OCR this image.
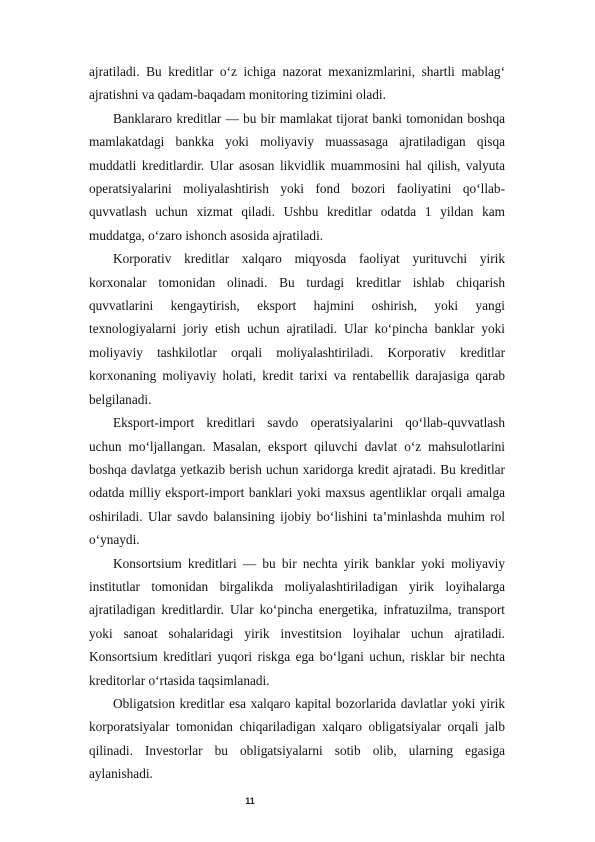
ajratiladi. Bu kreditlar o‘z ichiga nazorat mexanizmlarini, shartli mablag‘ ajratishni va qadam-baqadam monitoring tizimini oladi.

Banklararo kreditlar — bu bir mamlakat tijorat banki tomonidan boshqa mamlakatdagi bankka yoki moliyaviy muassasaga ajratiladigan qisqa muddatli kreditlardir. Ular asosan likvidlik muammosini hal qilish, valyuta operatsiyalarini moliyalashtirish yoki fond bozori faoliyatini qo‘llab-quvvatlash uchun xizmat qiladi. Ushbu kreditlar odatda 1 yildan kam muddatga, o‘zaro ishonch asosida ajratiladi.

Korporativ kreditlar xalqaro miqyosda faoliyat yurituvchi yirik korxonalar tomonidan olinadi. Bu turdagi kreditlar ishlab chiqarish quvvatlarini kengaytirish, eksport hajmini oshirish, yoki yangi texnologiyalarni joriy etish uchun ajratiladi. Ular ko‘pincha banklar yoki moliyaviy tashkilotlar orqali moliyalashtiriladi. Korporativ kreditlar korxonaning moliyaviy holati, kredit tarixi va rentabellik darajasiga qarab belgilanadi.

Eksport-import kreditlari savdo operatsiyalarini qo‘llab-quvvatlash uchun mo‘ljallangan. Masalan, eksport qiluvchi davlat o‘z mahsulotlarini boshqa davlatga yetkazib berish uchun xaridorga kredit ajratadi. Bu kreditlar odatda milliy eksport-import banklari yoki maxsus agentliklar orqali amalga oshiriladi. Ular savdo balansining ijobiy bo‘lishini ta’minlashda muhim rol o‘ynaydi.

Konsortsium kreditlari — bu bir nechta yirik banklar yoki moliyaviy institutlar tomonidan birgalikda moliyalashtiriladigan yirik loyihalarga ajratiladigan kreditlardir. Ular ko‘pincha energetika, infratuzilma, transport yoki sanoat sohalaridagi yirik investitsion loyihalar uchun ajratiladi. Konsortsium kreditlari yuqori riskga ega bo‘lgani uchun, risklar bir nechta kreditorlar o‘rtasida taqsimlanadi.

Obligatsion kreditlar esa xalqaro kapital bozorlarida davlatlar yoki yirik korporatsiyalar tomonidan chiqariladigan xalqaro obligatsiyalar orqali jalb qilinadi. Investorlar bu obligatsiyalarni sotib olib, ularning egasiga aylanishadi.

11
